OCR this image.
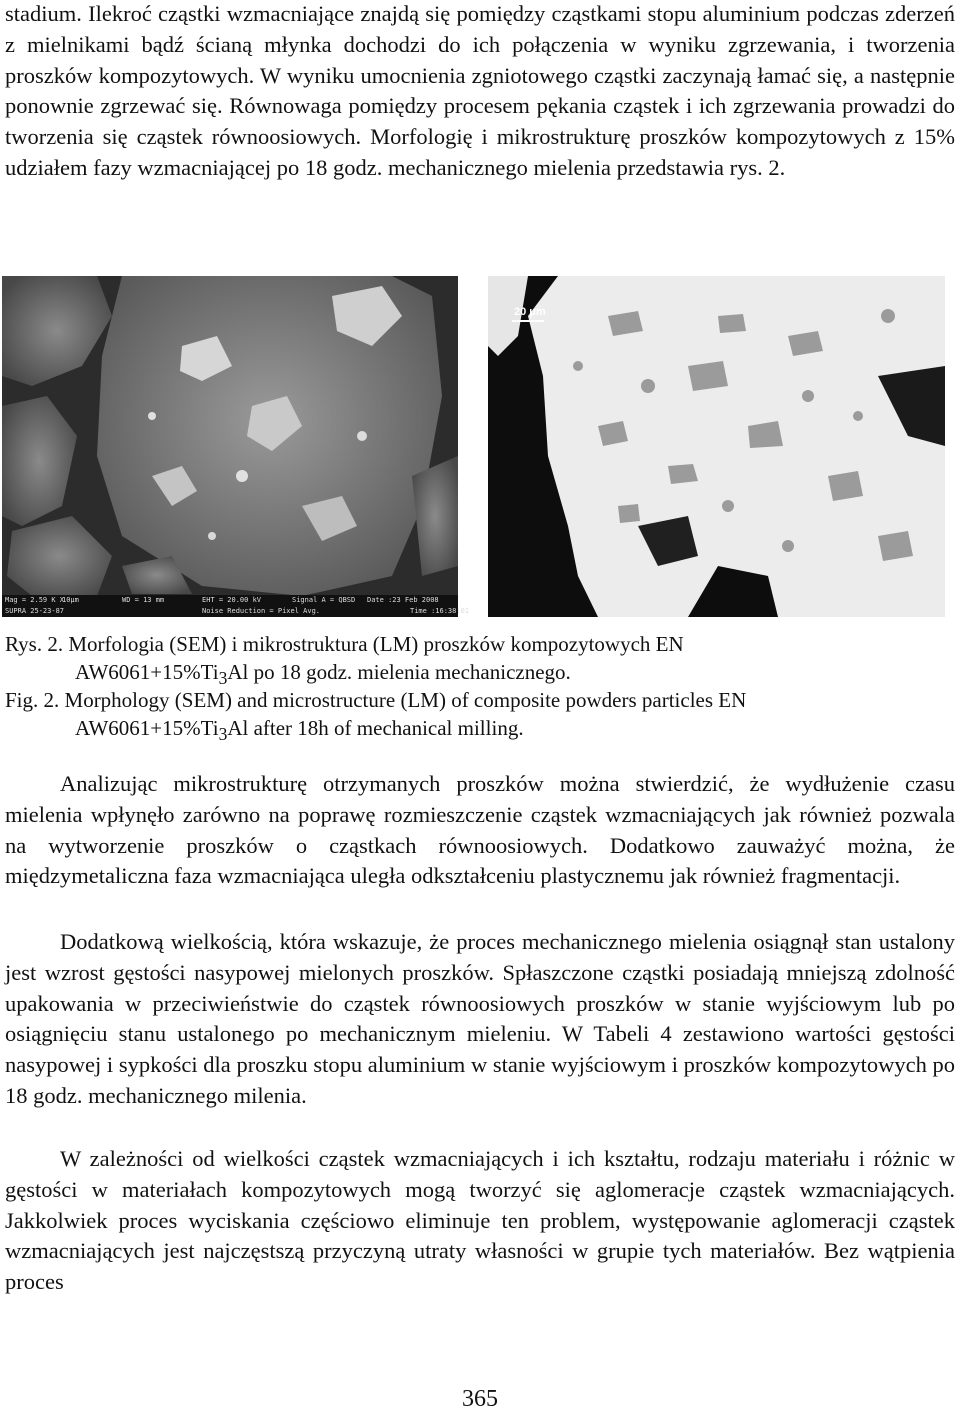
stadium. Ilekroć cząstki wzmacniające znajdą się pomiędzy cząstkami stopu aluminium podczas zderzeń z mielnikami bądź ścianą młynka dochodzi do ich połączenia w wyniku zgrzewania, i tworzenia proszków kompozytowych. W wyniku umocnienia zgniotowego cząstki zaczynają łamać się, a następnie ponownie zgrzewać się. Równowaga pomiędzy procesem pękania cząstek i ich zgrzewania prowadzi do tworzenia się cząstek równoosiowych. Morfologię i mikrostrukturę proszków kompozytowych z 15% udziałem fazy wzmacniającej po 18 godz. mechanicznego mielenia przedstawia rys. 2.

Mag = 2.59 K X
10μm
SUPRA 25-23-87
WD = 13 mm	EHT = 20.00 kV
Noise Reduction = Pixel Avg.
Signal A = QBSD Date :23 Feb 2008
Time :16:38:01
20 μm

Rys. 2. Morfologia (SEM) i mikrostruktura (LM) proszków kompozytowych EN
$AW6061+15\%Ti_3Al$ po 18 godz. mielenia mechanicznego.

Fig. 2. Morphology (SEM) and microstructure (LM) of composite powders particles EN
$AW6061+15\%Ti_3Al$ after 18h of mechanical milling.

Analizując mikrostrukturę otrzymanych proszków można stwierdzić, że wydłużenie czasu mielenia wpłynęło zarówno na poprawę rozmieszczenie cząstek wzmacniających jak również pozwala na wytworzenie proszków o cząstkach równoosiowych. Dodatkowo zauważyć można, że międzymetaliczna faza wzmacniająca uległa odkształceniu plastycznemu jak również fragmentacji.

Dodatkową wielkością, która wskazuje, że proces mechanicznego mielenia osiągnął stan ustalony jest wzrost gęstości nasypowej mielonych proszków. Spłaszczone cząstki posiadają mniejszą zdolność upakowania w przeciwieństwie do cząstek równoosiowych proszków w stanie wyjściowym lub po osiągnięciu stanu ustalonego po mechanicznym mieleniu. W Tabeli 4 zestawiono wartości gęstości nasypowej i sypkości dla proszku stopu aluminium w stanie wyjściowym i proszków kompozytowych po 18 godz. mechanicznego milenia.

W zależności od wielkości cząstek wzmacniających i ich kształtu, rodzaju materiału i różnic w gęstości w materiałach kompozytowych mogą tworzyć się aglomeracje cząstek wzmacniających. Jakkolwiek proces wyciskania częściowo eliminuje ten problem, występowanie aglomeracji cząstek wzmacniających jest najczęstszą przyczyną utraty własności w grupie tych materiałów. Bez wątpienia proces

365
